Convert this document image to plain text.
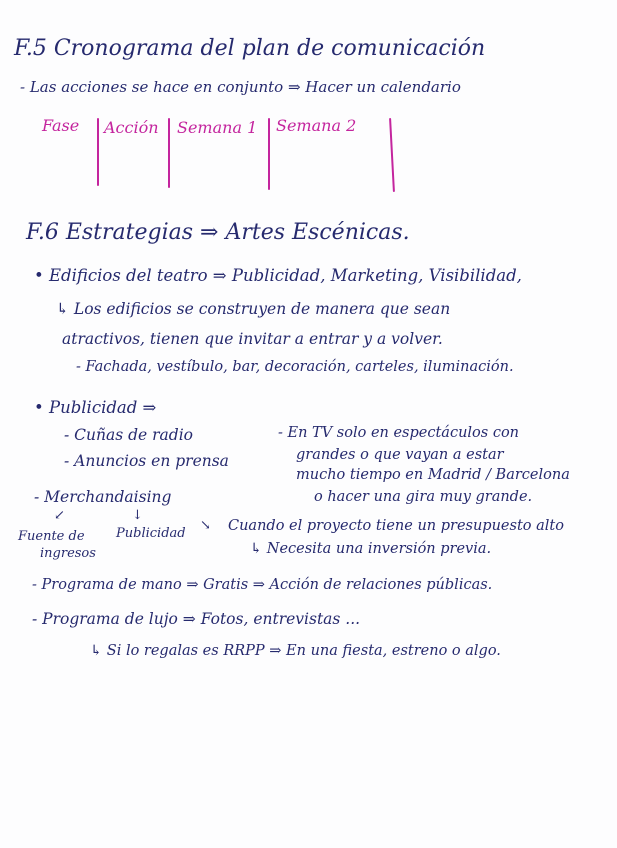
F.5 Cronograma del plan de comunicación
- Las acciones se hace en conjunto ⇒ Hacer un calendario
Fase Acción Semana 1 Semana 2
F.6 Estrategias ⇒ Artes Escénicas.
• Edificios del teatro ⇒ Publicidad, Marketing, Visibilidad,
↳ Los edificios se construyen de manera que sean
atractivos, tienen que invitar a entrar y a volver.
- Fachada, vestíbulo, bar, decoración, carteles, iluminación.
• Publicidad ⇒
- Cuñas de radio
- Anuncios en prensa
- En TV solo en espectáculos con
grandes o que vayan a estar
mucho tiempo en Madrid / Barcelona
o hacer una gira muy grande.
- Merchandaising
↙	↓
Fuente de
ingresos
Publicidad
↘ Cuando el proyecto tiene un presupuesto alto
↳ Necesita una inversión previa.
- Programa de mano ⇒ Gratis ⇒ Acción de relaciones públicas.
- Programa de lujo ⇒ Fotos, entrevistas ...
↳ Si lo regalas es RRPP ⇒ En una fiesta, estreno o algo.
